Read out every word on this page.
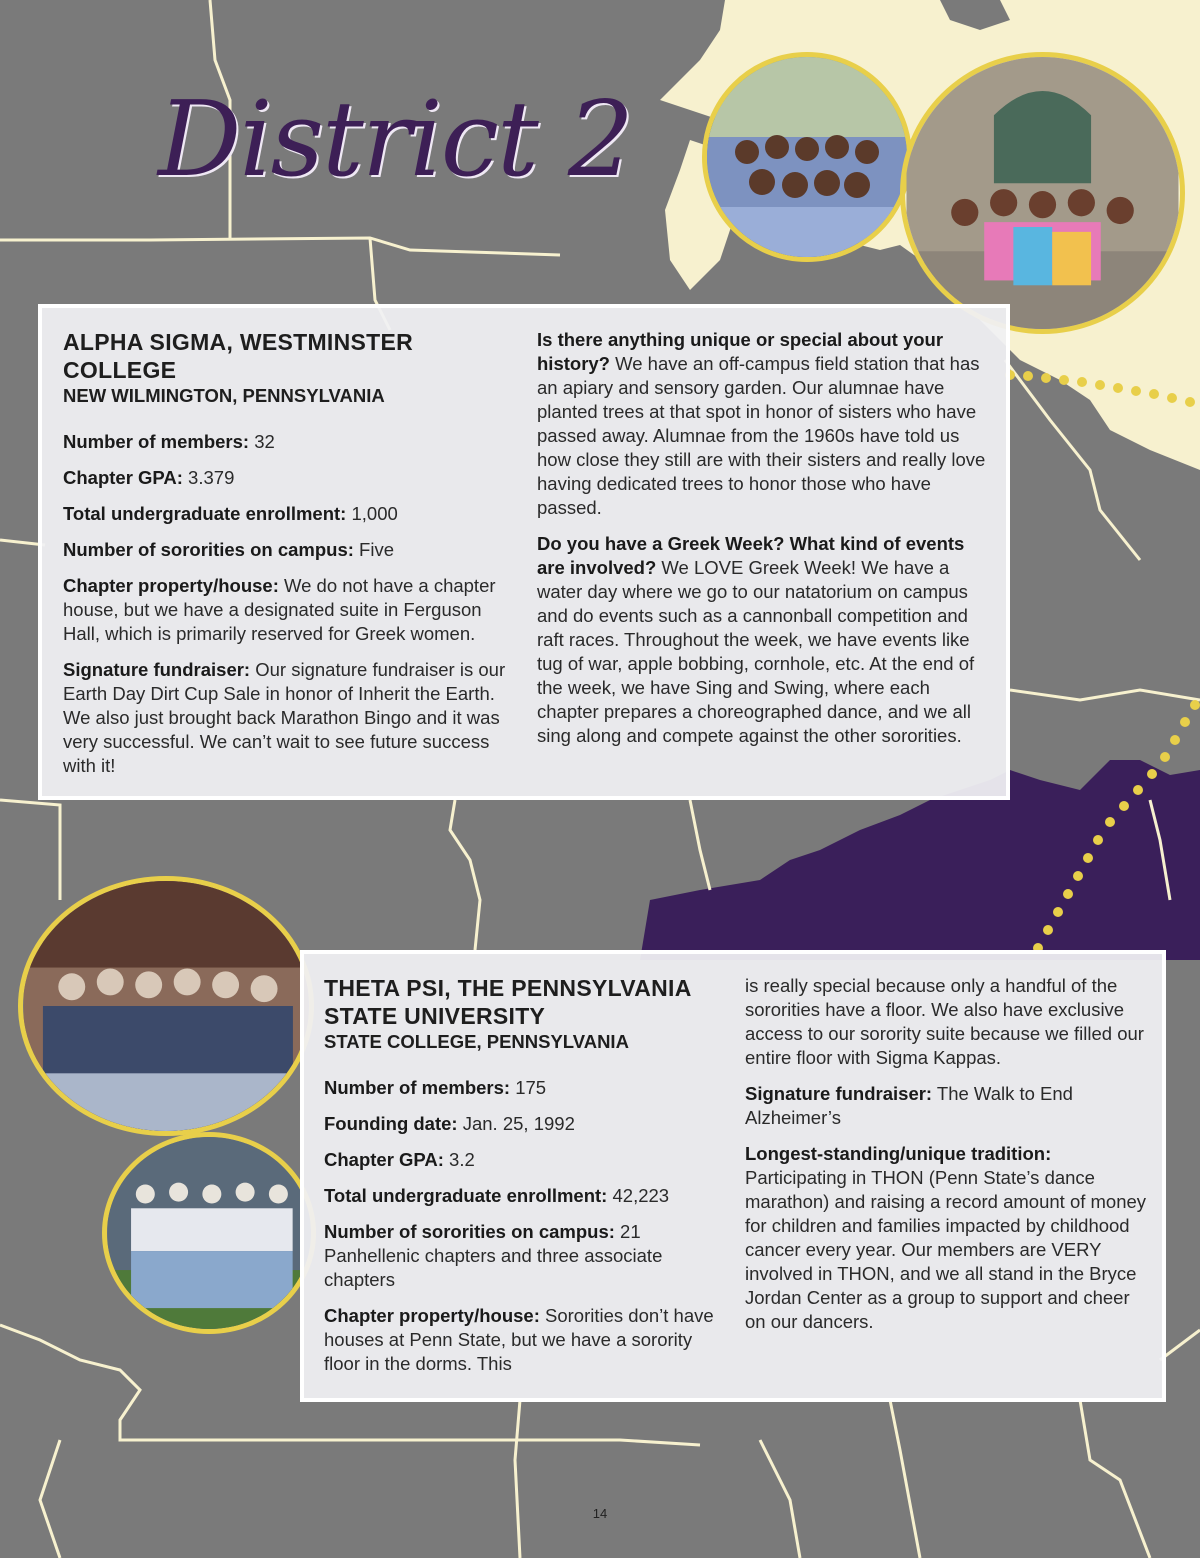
District 2
ALPHA SIGMA, WESTMINSTER COLLEGE
NEW WILMINGTON, PENNSYLVANIA

Number of members: 32

Chapter GPA: 3.379

Total undergraduate enrollment: 1,000

Number of sororities on campus: Five

Chapter property/house: We do not have a chapter house, but we have a designated suite in Ferguson Hall, which is primarily reserved for Greek women.

Signature fundraiser: Our signature fundraiser is our Earth Day Dirt Cup Sale in honor of Inherit the Earth. We also just brought back Marathon Bingo and it was very successful. We can’t wait to see future success with it!

Is there anything unique or special about your history? We have an off-campus field station that has an apiary and sensory garden. Our alumnae have planted trees at that spot in honor of sisters who have passed away. Alumnae from the 1960s have told us how close they still are with their sisters and really love having dedicated trees to honor those who have passed.

Do you have a Greek Week? What kind of events are involved? We LOVE Greek Week! We have a water day where we go to our natatorium on campus and do events such as a cannonball competition and raft races. Throughout the week, we have events like tug of war, apple bobbing, cornhole, etc. At the end of the week, we have Sing and Swing, where each chapter prepares a choreographed dance, and we all sing along and compete against the other sororities.

THETA PSI, THE PENNSYLVANIA STATE UNIVERSITY
STATE COLLEGE, PENNSYLVANIA

Number of members: 175

Founding date: Jan. 25, 1992

Chapter GPA: 3.2

Total undergraduate enrollment: 42,223

Number of sororities on campus: 21 Panhellenic chapters and three associate chapters

Chapter property/house: Sororities don’t have houses at Penn State, but we have a sorority floor in the dorms. This

is really special because only a handful of the sororities have a floor. We also have exclusive access to our sorority suite because we filled our entire floor with Sigma Kappas.

Signature fundraiser: The Walk to End Alzheimer’s

Longest-standing/unique tradition: Participating in THON (Penn State’s dance marathon) and raising a record amount of money for children and families impacted by childhood cancer every year. Our members are VERY involved in THON, and we all stand in the Bryce Jordan Center as a group to support and cheer on our dancers.

14
